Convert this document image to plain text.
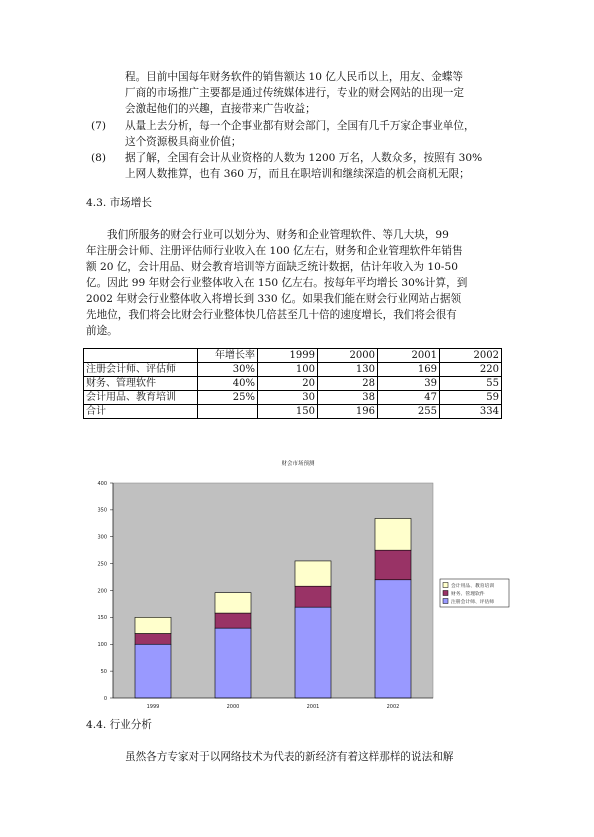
程。目前中国每年财务软件的销售额达 10 亿人民币以上，用友、金蝶等
厂商的市场推广主要都是通过传统媒体进行，专业的财会网站的出现一定
会激起他们的兴趣，直接带来广告收益；
(7) 从量上去分析，每一个企事业都有财会部门，全国有几千万家企事业单位，
这个资源极具商业价值；
(8) 据了解，全国有会计从业资格的人数为 1200 万名，人数众多，按照有 30%
上网人数推算，也有 360 万，而且在职培训和继续深造的机会商机无限；
4.3. 市场增长
我们所服务的财会行业可以划分为、财务和企业管理软件、等几大块，99
年注册会计师、注册评估师行业收入在 100 亿左右，财务和企业管理软件年销售
额 20 亿，会计用品、财会教育培训等方面缺乏统计数据，估计年收入为 10-50
亿。因此 99 年财会行业整体收入在 150 亿左右。按每年平均增长 30%计算，到
2002 年财会行业整体收入将增长到 330 亿。如果我们能在财会行业网站占据领
先地位，我们将会比财会行业整体快几倍甚至几十倍的速度增长，我们将会很有
前途。
	年增长率	1999	2000	2001	2002
注册会计师、评估师	30%	100	130	169	220
财务、管理软件	40%	20	28	39	55
会计用品、教育培训	25%	30	38	47	59
合计		150	196	255	334
财会市场预测
0
50
100
150
200
250
300
350
400
1999	2000	2001	2002
会计用品、教育培训
财务、管理软件
注册会计师、评估师
4.4. 行业分析
虽然各方专家对于以网络技术为代表的新经济有着这样那样的说法和解
